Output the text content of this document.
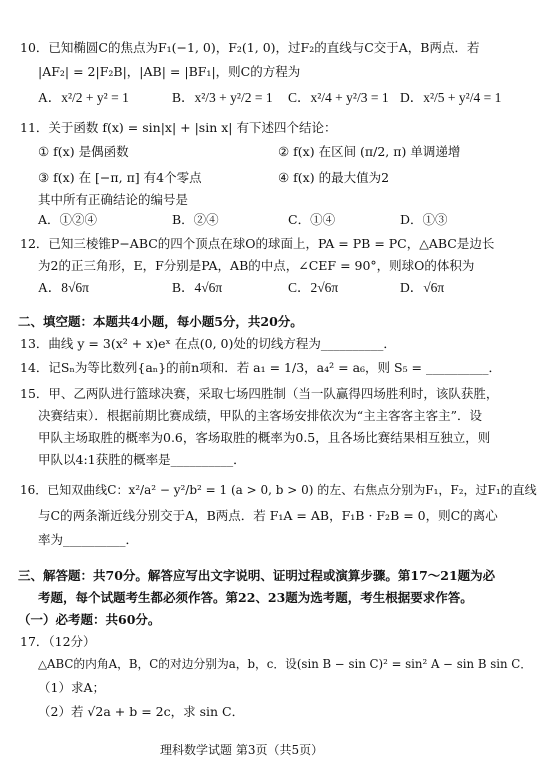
10．已知椭圆C的焦点为F₁(−1, 0)，F₂(1, 0)，过F₂的直线与C交于A，B两点．若
|AF₂| = 2|F₂B|，|AB| = |BF₁|，则C的方程为
A．x²/2 + y² = 1	B．x²/3 + y²/2 = 1 C．x²/4 + y²/3 = 1 D．x²/5 + y²/4 = 1
11．关于函数 f(x) = sin|x| + |sin x| 有下述四个结论：
① f(x) 是偶函数	② f(x) 在区间 (π/2, π) 单调递增
③ f(x) 在 [−π, π] 有4个零点	④ f(x) 的最大值为2
其中所有正确结论的编号是
A．①②④	B．②④	C．①④	D．①③
12．已知三棱锥P−ABC的四个顶点在球O的球面上，PA = PB = PC，△ABC是边长
为2的正三角形，E，F分别是PA，AB的中点，∠CEF = 90°，则球O的体积为
A．8√6π	B．4√6π	C．2√6π	D．√6π
二、填空题：本题共4小题，每小题5分，共20分。
13．曲线 y = 3(x² + x)eˣ 在点(0, 0)处的切线方程为__________．
14．记Sₙ为等比数列{aₙ}的前n项和．若 a₁ = 1/3，a₄² = a₆，则 S₅ = __________．
15．甲、乙两队进行篮球决赛，采取七场四胜制（当一队赢得四场胜利时，该队获胜，
决赛结束）．根据前期比赛成绩，甲队的主客场安排依次为“主主客客主客主”．设
甲队主场取胜的概率为0.6，客场取胜的概率为0.5，且各场比赛结果相互独立，则
甲队以4:1获胜的概率是__________．
16．已知双曲线C：x²/a² − y²/b² = 1 (a > 0, b > 0) 的左、右焦点分别为F₁，F₂，过F₁的直线
与C的两条渐近线分别交于A，B两点．若 F₁A = AB，F₁B · F₂B = 0，则C的离心
率为__________．
三、解答题：共70分。解答应写出文字说明、证明过程或演算步骤。第17～21题为必
考题，每个试题考生都必须作答。第22、23题为选考题，考生根据要求作答。
（一）必考题：共60分。
17．（12分）
△ABC的内角A，B，C的对边分别为a，b，c．设(sin B − sin C)² = sin² A − sin B sin C．
（1）求A；
（2）若 √2a + b = 2c，求 sin C．
理科数学试题 第3页（共5页）
